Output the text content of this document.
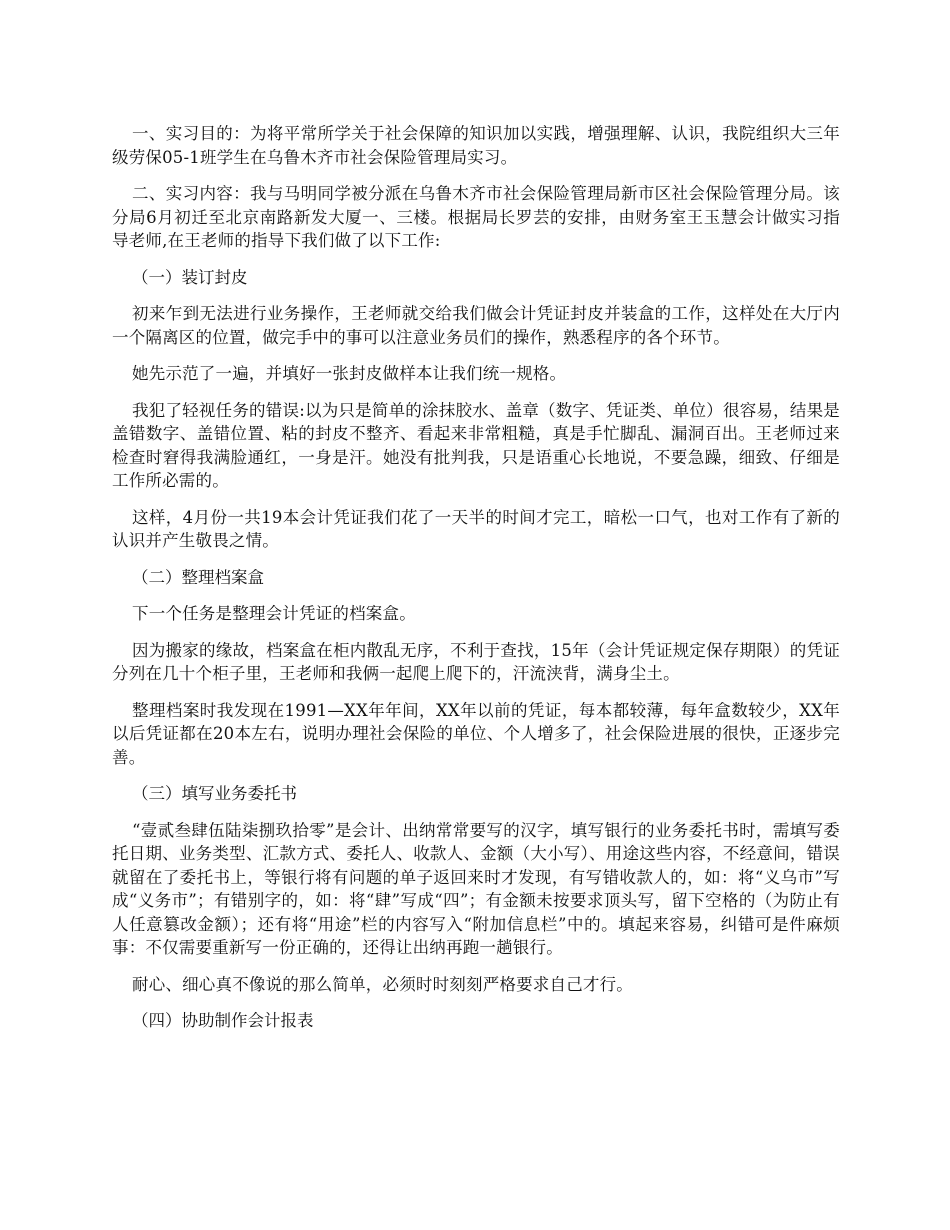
一、实习目的：为将平常所学关于社会保障的知识加以实践，增强理解、认识，我院组织大三年级劳保05-1班学生在乌鲁木齐市社会保险管理局实习。

二、实习内容：我与马明同学被分派在乌鲁木齐市社会保险管理局新市区社会保险管理分局。该分局6月初迁至北京南路新发大厦一、三楼。根据局长罗芸的安排，由财务室王玉慧会计做实习指导老师,在王老师的指导下我们做了以下工作:

（一）装订封皮

初来乍到无法进行业务操作，王老师就交给我们做会计凭证封皮并装盒的工作，这样处在大厅内一个隔离区的位置，做完手中的事可以注意业务员们的操作，熟悉程序的各个环节。

她先示范了一遍，并填好一张封皮做样本让我们统一规格。

我犯了轻视任务的错误:以为只是简单的涂抹胶水、盖章（数字、凭证类、单位）很容易，结果是盖错数字、盖错位置、粘的封皮不整齐、看起来非常粗糙，真是手忙脚乱、漏洞百出。王老师过来检查时窘得我满脸通红，一身是汗。她没有批判我，只是语重心长地说，不要急躁，细致、仔细是工作所必需的。

这样，4月份一共19本会计凭证我们花了一天半的时间才完工，暗松一口气，也对工作有了新的认识并产生敬畏之情。

（二）整理档案盒

下一个任务是整理会计凭证的档案盒。

因为搬家的缘故，档案盒在柜内散乱无序，不利于查找，15年（会计凭证规定保存期限）的凭证分列在几十个柜子里，王老师和我俩一起爬上爬下的，汗流浃背，满身尘土。

整理档案时我发现在1991—XX年年间，XX年以前的凭证，每本都较薄，每年盒数较少，XX年以后凭证都在20本左右，说明办理社会保险的单位、个人增多了，社会保险进展的很快，正逐步完善。

（三）填写业务委托书

“壹贰叁肆伍陆柒捌玖拾零”是会计、出纳常常要写的汉字，填写银行的业务委托书时，需填写委托日期、业务类型、汇款方式、委托人、收款人、金额（大小写）、用途这些内容，不经意间，错误就留在了委托书上，等银行将有问题的单子返回来时才发现，有写错收款人的，如：将“义乌市”写成“义务市”；有错别字的，如：将“肆”写成“四”；有金额未按要求顶头写，留下空格的（为防止有人任意篡改金额）；还有将“用途”栏的内容写入“附加信息栏”中的。填起来容易，纠错可是件麻烦事：不仅需要重新写一份正确的，还得让出纳再跑一趟银行。

耐心、细心真不像说的那么简单，必须时时刻刻严格要求自己才行。

（四）协助制作会计报表
